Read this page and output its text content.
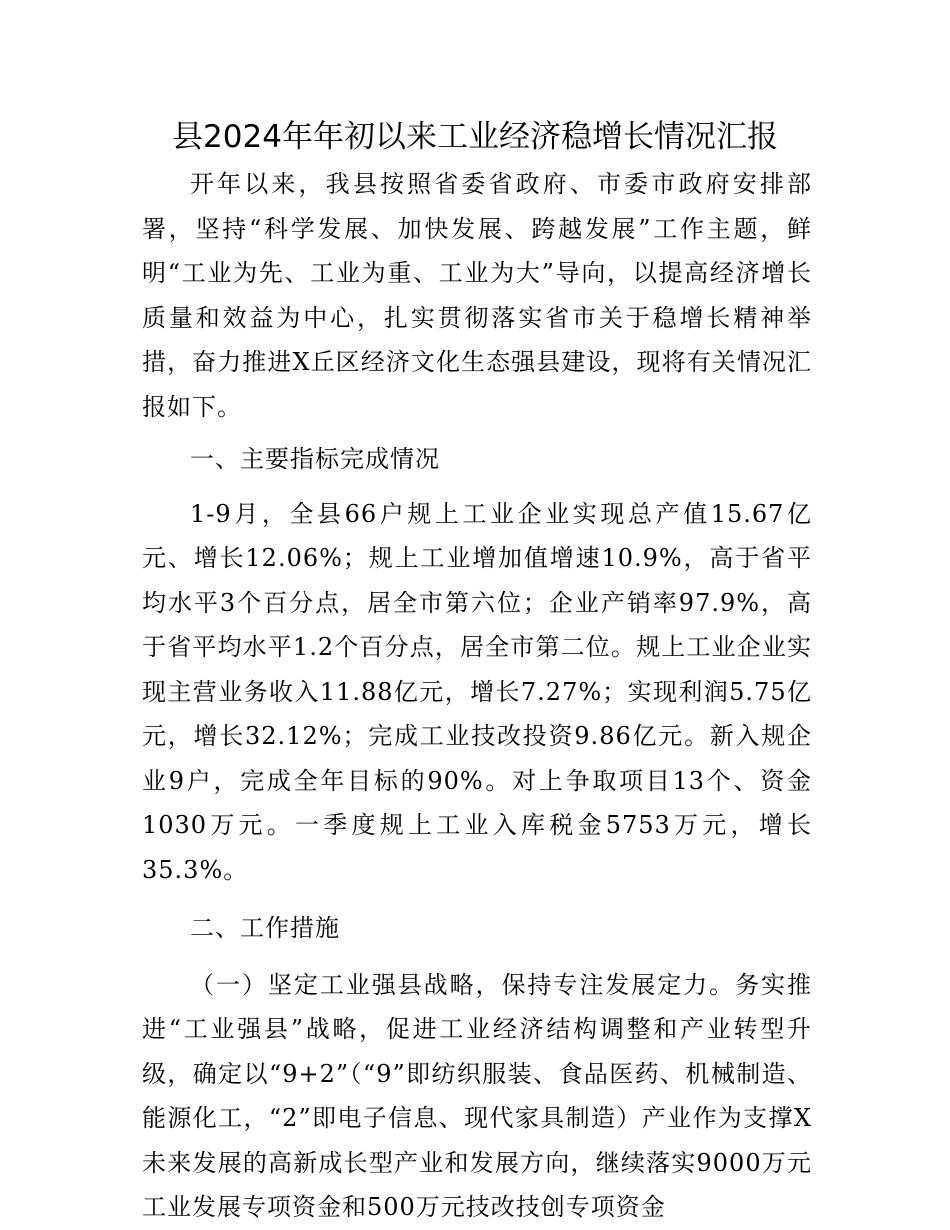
县2024年年初以来工业经济稳增长情况汇报

开年以来，我县按照省委省政府、市委市政府安排部署，坚持“科学发展、加快发展、跨越发展”工作主题，鲜明“工业为先、工业为重、工业为大”导向，以提高经济增长质量和效益为中心，扎实贯彻落实省市关于稳增长精神举措，奋力推进X丘区经济文化生态强县建设，现将有关情况汇报如下。

一、主要指标完成情况

1-9月，全县66户规上工业企业实现总产值15.67亿元、增长12.06%；规上工业增加值增速10.9%，高于省平均水平3个百分点，居全市第六位；企业产销率97.9%，高于省平均水平1.2个百分点，居全市第二位。规上工业企业实现主营业务收入11.88亿元，增长7.27%；实现利润5.75亿元，增长32.12%；完成工业技改投资9.86亿元。新入规企业9户，完成全年目标的90%。对上争取项目13个、资金1030万元。一季度规上工业入库税金5753万元，增长35.3%。

二、工作措施

（一）坚定工业强县战略，保持专注发展定力。务实推进“工业强县”战略，促进工业经济结构调整和产业转型升级，确定以“9+2”（“9”即纺织服装、食品医药、机械制造、能源化工，“2”即电子信息、现代家具制造）产业作为支撑X未来发展的高新成长型产业和发展方向，继续落实9000万元工业发展专项资金和500万元技改技创专项资金
